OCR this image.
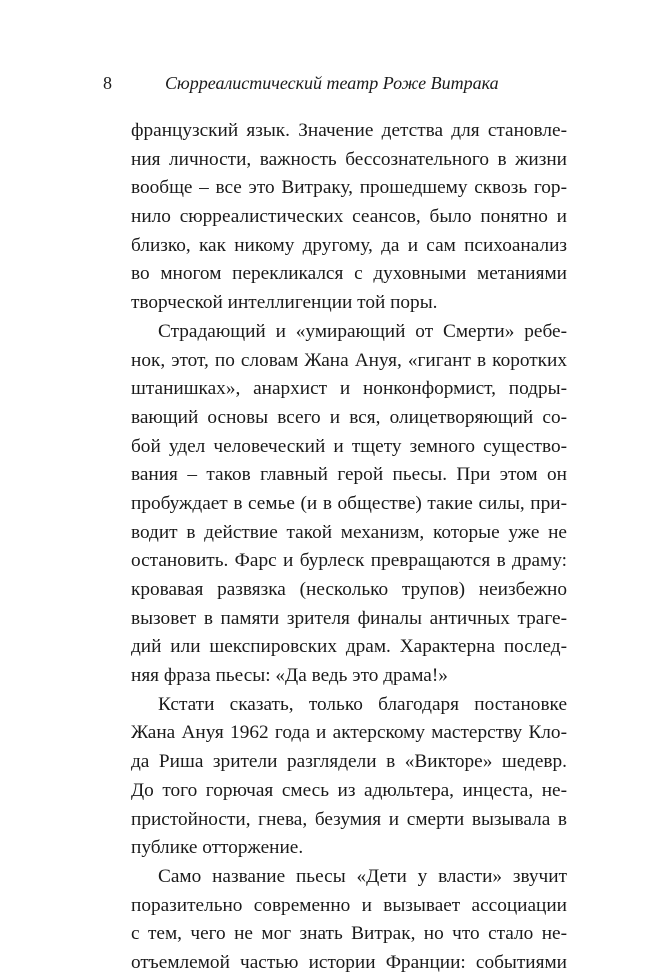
8	Сюрреалистический театр Роже Витрака
французский язык. Значение детства для становле-
ния личности, важность бессознательного в жизни
вообще – все это Витраку, прошедшему сквозь гор-
нило сюрреалистических сеансов, было понятно и
близко, как никому другому, да и сам психоанализ
во многом перекликался с духовными метаниями
творческой интеллигенции той поры.
Страдающий и «умирающий от Смерти» ребе-
нок, этот, по словам Жана Ануя, «гигант в коротких
штанишках», анархист и нонконформист, подры-
вающий основы всего и вся, олицетворяющий со-
бой удел человеческий и тщету земного существо-
вания – таков главный герой пьесы. При этом он
пробуждает в семье (и в обществе) такие силы, при-
водит в действие такой механизм, которые уже не
остановить. Фарс и бурлеск превращаются в драму:
кровавая развязка (несколько трупов) неизбежно
вызовет в памяти зрителя финалы античных траге-
дий или шекспировских драм. Характерна послед-
няя фраза пьесы: «Да ведь это драма!»
Кстати сказать, только благодаря постановке
Жана Ануя 1962 года и актерскому мастерству Кло-
да Риша зрители разглядели в «Викторе» шедевр.
До того горючая смесь из адюльтера, инцеста, не-
пристойности, гнева, безумия и смерти вызывала в
публике отторжение.
Само название пьесы «Дети у власти» звучит
поразительно современно и вызывает ассоциации
с тем, чего не мог знать Витрак, но что стало не-
отъемлемой частью истории Франции: событиями
